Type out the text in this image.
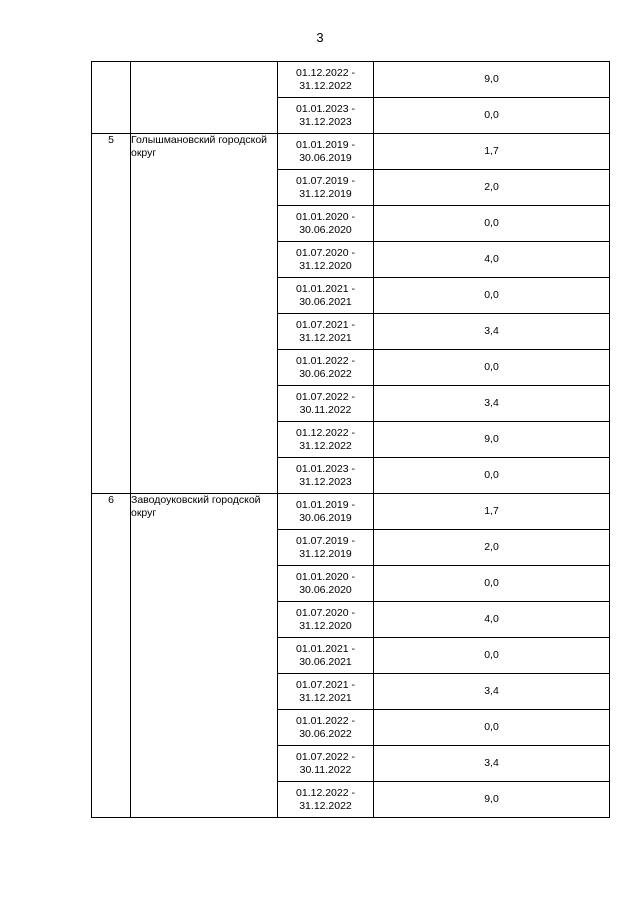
3
		01.12.2022 - 31.12.2022	9,0
		01.01.2023 - 31.12.2023	0,0
5	Голышмановский городской округ	01.01.2019 - 30.06.2019	1,7
		01.07.2019 - 31.12.2019	2,0
		01.01.2020 - 30.06.2020	0,0
		01.07.2020 - 31.12.2020	4,0
		01.01.2021 - 30.06.2021	0,0
		01.07.2021 - 31.12.2021	3,4
		01.01.2022 - 30.06.2022	0,0
		01.07.2022 - 30.11.2022	3,4
		01.12.2022 - 31.12.2022	9,0
		01.01.2023 - 31.12.2023	0,0
6	Заводоуковский городской округ	01.01.2019 - 30.06.2019	1,7
		01.07.2019 - 31.12.2019	2,0
		01.01.2020 - 30.06.2020	0,0
		01.07.2020 - 31.12.2020	4,0
		01.01.2021 - 30.06.2021	0,0
		01.07.2021 - 31.12.2021	3,4
		01.01.2022 - 30.06.2022	0,0
		01.07.2022 - 30.11.2022	3,4
		01.12.2022 - 31.12.2022	9,0
